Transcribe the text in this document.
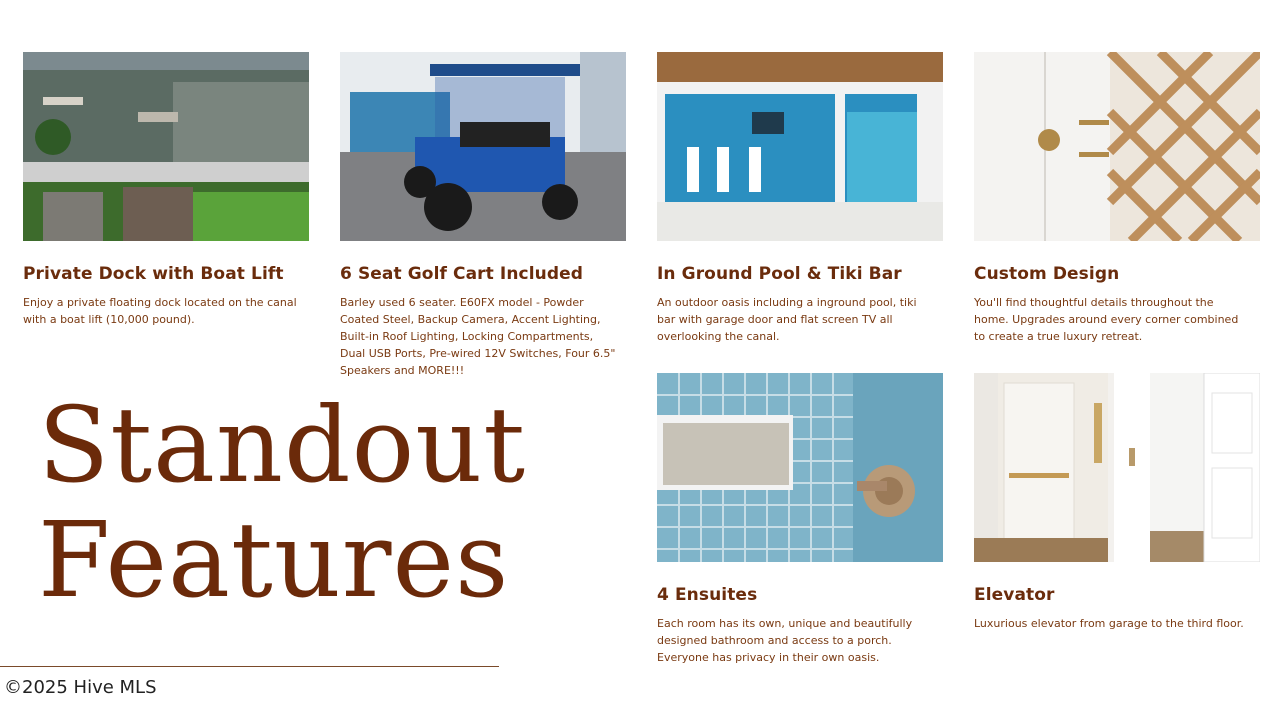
Private Dock with Boat Lift
Enjoy a private floating dock located on the canal with a boat lift (10,000 pound).
6 Seat Golf Cart Included
Barley used 6 seater. E60FX model - Powder Coated Steel, Backup Camera, Accent Lighting, Built-in Roof Lighting, Locking Compartments, Dual USB Ports, Pre-wired 12V Switches, Four 6.5" Speakers and MORE!!!
In Ground Pool & Tiki Bar
An outdoor oasis including a inground pool, tiki bar with garage door and flat screen TV all overlooking the canal.
Custom Design
You'll find thoughtful details throughout the home. Upgrades around every corner combined to create a true luxury retreat.
4 Ensuites
Each room has its own, unique and beautifully designed bathroom and access to a porch. Everyone has privacy in their own oasis.
Elevator
Luxurious elevator from garage to the third floor.
Standout
Features
©2025 Hive MLS
